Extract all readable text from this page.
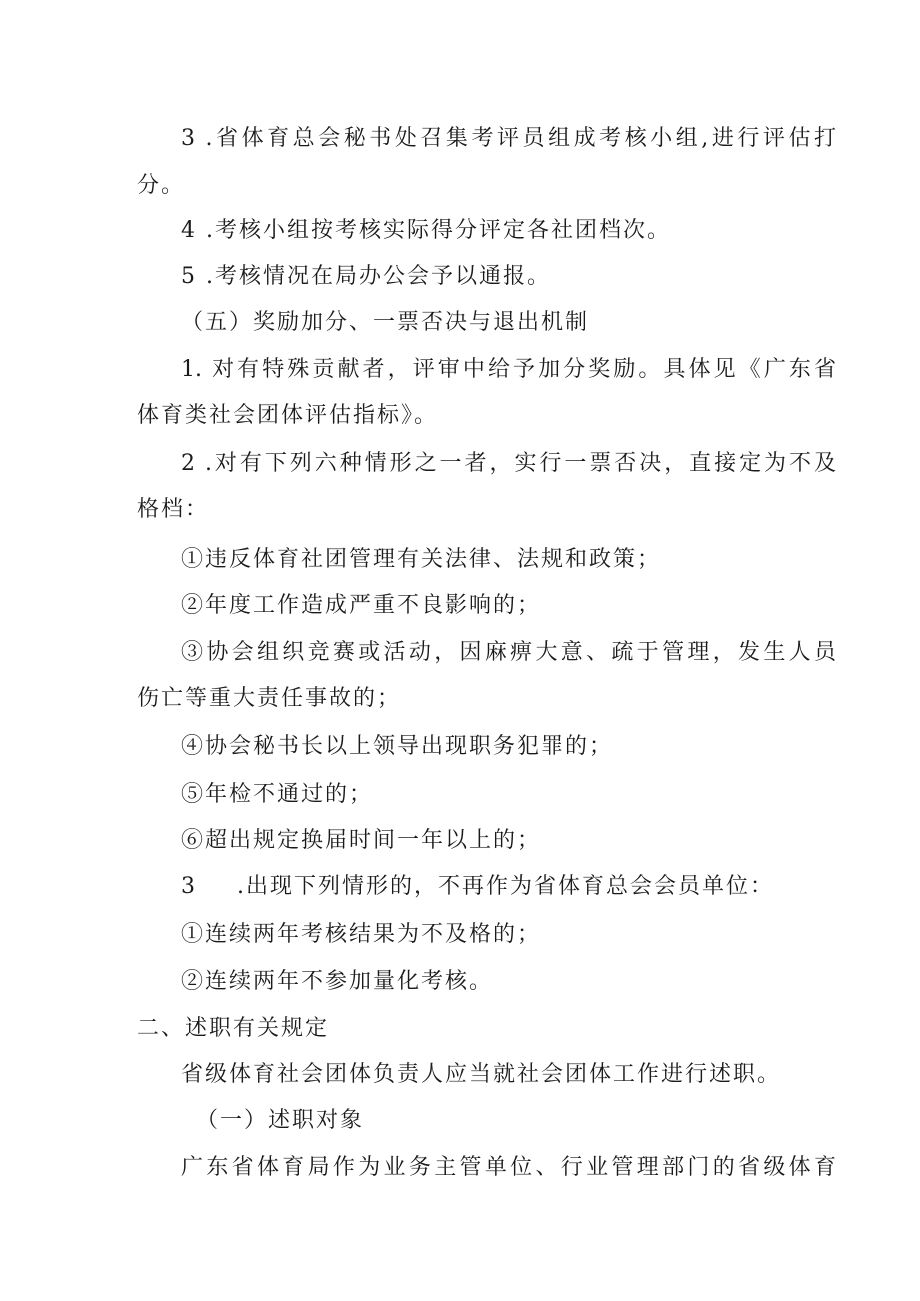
3 .省体育总会秘书处召集考评员组成考核小组,进行评估打
分。
4 .考核小组按考核实际得分评定各社团档次。
5 .考核情况在局办公会予以通报。
（五）奖励加分、一票否决与退出机制
1. 对有特殊贡献者，评审中给予加分奖励。具体见《广东省
体育类社会团体评估指标》。
2 .对有下列六种情形之一者，实行一票否决，直接定为不及
格档：
①违反体育社团管理有关法律、法规和政策；
②年度工作造成严重不良影响的；
③协会组织竞赛或活动，因麻痹大意、疏于管理，发生人员
伤亡等重大责任事故的；
④协会秘书长以上领导出现职务犯罪的；
⑤年检不通过的；
⑥超出规定换届时间一年以上的；
3 .出现下列情形的，不再作为省体育总会会员单位：
①连续两年考核结果为不及格的；
②连续两年不参加量化考核。
二、述职有关规定
省级体育社会团体负责人应当就社会团体工作进行述职。
（一）述职对象
广东省体育局作为业务主管单位、行业管理部门的省级体育
